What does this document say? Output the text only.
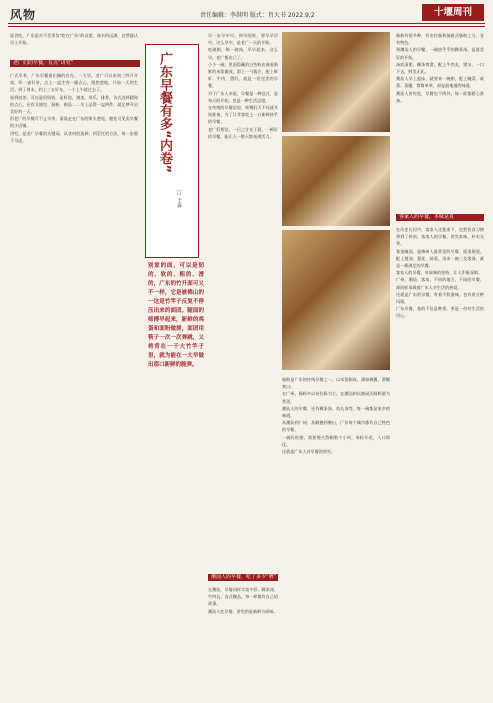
风物	责任编辑：李洪明 版式：肖大书 2022.9.2	十堰周刊
说食吃，广东是对不会辜负“吃在广东”的众望，汤水的远湖，自然能认早上开始。
老广们的早餐，有点“讲究”
广式早茶，广东早餐最出圈的存在。一大早，老广可以来到三四开开席，叫一壶好茶，点上一盅生肉一碟点心，慢悠悠地，开始一天的生活。到了周末，约上三五好友，一个上午就过去了。
说到叹茶，可以是妈妈奶，是虾饺，烧卖，凤爪，排骨，各式各样精致的点心，还有叉烧包、肠粉、粥品……早上品得一盅两件，就足够开启美好的一天。
但老广的早餐可不止早茶。清晨走在广东的街头巷尾，随处可见卖早餐的小店铺。
讲究，是老广早餐的关键词。从食材的选择，到烹饪的方法，每一步都不马虎。	广东早餐有多“内卷”
□ 王淼
别家的面，可以是韧的、软的、粗的、滑的，广东的竹升面可又不一样，它是被佛山的一这是竹竿子反复不停压出来的面团。随面的师傅早起来，新鲜的鸡蛋和面粉做搓，面团用筷子一次一次弹跳，又将背在一千大竹竿子里，就为能在一大早做出那口新鲜的脆弹。
早一步早中早，到早的时，要早早早中，这么早中，是老广一天的开始。
吃碗粥，喝一碗汤，早早起来，这么早，老广都出门了。
小小一碗，里面隐藏的白色粉皮被看新鲜的米浆做成，滑上一勺酱汁，配上鲜虾、牛肉、猪肝，就是一份完美的早餐。
对于广东人来说，早餐是一种仪式，是每天的开始，也是一种生活态度。
在传统的早餐店里，师傅们天不亮就开始准备，为了让食客吃上一口新鲜热乎的早餐。
老广们相信，一日之计在于晨，一顿好的早餐，能让人一整天都充满活力。
潮汕人的早餐，吃了多少“牌”
在潮汕，早餐同样丰富多彩。粿条汤、牛肉丸、各式粿品，每一样都有自己的故事。
潮汕人吃早餐，讲究的是新鲜与原味。
肠粉是广东的传统早餐之一，以米浆制成，薄如蝉翼，滑嫩爽口。
在广州，肠粉多以布拉肠为主，在潮汕则以抽屉式肠粉最为常见。
潮汕人的早餐，还有粿条汤、鱼丸汤等，每一碗都是家乡的味道。
从潮汕到广州，从顺德到佛山，广东每个城市都有自己特色的早餐。
一碗好的粥，需要慢火熬制数个小时，米粒开花，入口即化。
这就是广东人对早餐的讲究。
肠粉有很多种，有布拉肠和抽屉式肠粉之分，各有特色。
到潮汕人的早餐，一碗热乎乎的粿条汤，是最美好的开始。
汤底清甜，粿条爽滑，配上牛肉丸、猪杂，一口下去，鲜美无比。
潮汕人早上起床，就要来一碗粥，配上腌菜、咸蛋、菜脯，简简单单，却是最地道的味道。
潮汕人讲究吃，早餐也不例外，每一样都精心准备。
客家人的早餐，本味是真
在历史长河中，客家人迁徙南下，也把饮食习惯带到了岭南。客家人的早餐，讲究本味，朴实无华。
客家腌面，是梅州人最常见的早餐。面条筋道，配上猪油、葱花、蒜蓉，再来一碗三及第汤，就是一顿满足的早餐。
客家人的早餐，对原味的坚持，让人印象深刻。
广州、潮汕、客家，不同的地方，不同的早餐，却同样承载着广东人对生活的热爱。
这就是广东的早餐，有着千般滋味，也有着万种风情。
广东早餐，卷的不仅是种类，更是一份对生活的用心。
